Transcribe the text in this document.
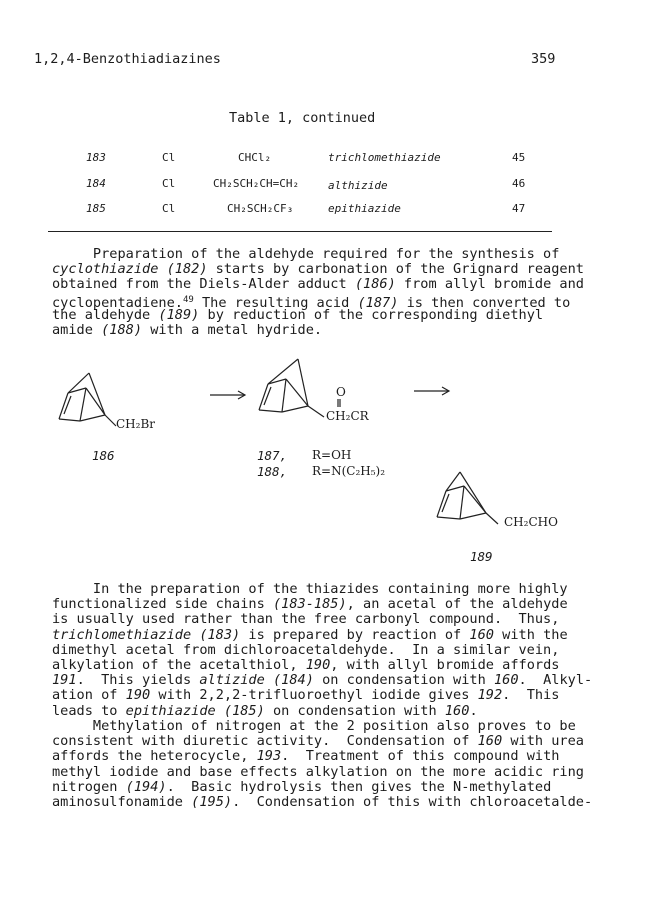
1,2,4-Benzothiadiazines	359
Table 1, continued
183	Cl	CHCl₂	trichlomethiazide	45
184	Cl	CH₂SCH₂CH=CH₂	althizide	46
185	Cl	CH₂SCH₂CF₃	epithiazide	47
Preparation of the aldehyde required for the synthesis of
cyclothiazide (182) starts by carbonation of the Grignard reagent
obtained from the Diels-Alder adduct (186) from allyl bromide and
cyclopentadiene.$^{49}$ The resulting acid (187) is then converted to
the aldehyde (189) by reduction of the corresponding diethyl
amide (188) with a metal hydride.
CH₂Br
186
O
CH₂CR
187, R=OH
188, R=N(C₂H₅)₂
CH₂CHO
189
In the preparation of the thiazides containing more highly
functionalized side chains (183-185), an acetal of the aldehyde
is usually used rather than the free carbonyl compound.  Thus,
trichlomethiazide (183) is prepared by reaction of 160 with the
dimethyl acetal from dichloroacetaldehyde.  In a similar vein,
alkylation of the acetalthiol, 190, with allyl bromide affords
191.  This yields altizide (184) on condensation with 160.  Alkyl-
ation of 190 with 2,2,2-trifluoroethyl iodide gives 192.  This
leads to epithiazide (185) on condensation with 160.
Methylation of nitrogen at the 2 position also proves to be
consistent with diuretic activity.  Condensation of 160 with urea
affords the heterocycle, 193.  Treatment of this compound with
methyl iodide and base effects alkylation on the more acidic ring
nitrogen (194).  Basic hydrolysis then gives the N-methylated
aminosulfonamide (195).  Condensation of this with chloroacetalde-
